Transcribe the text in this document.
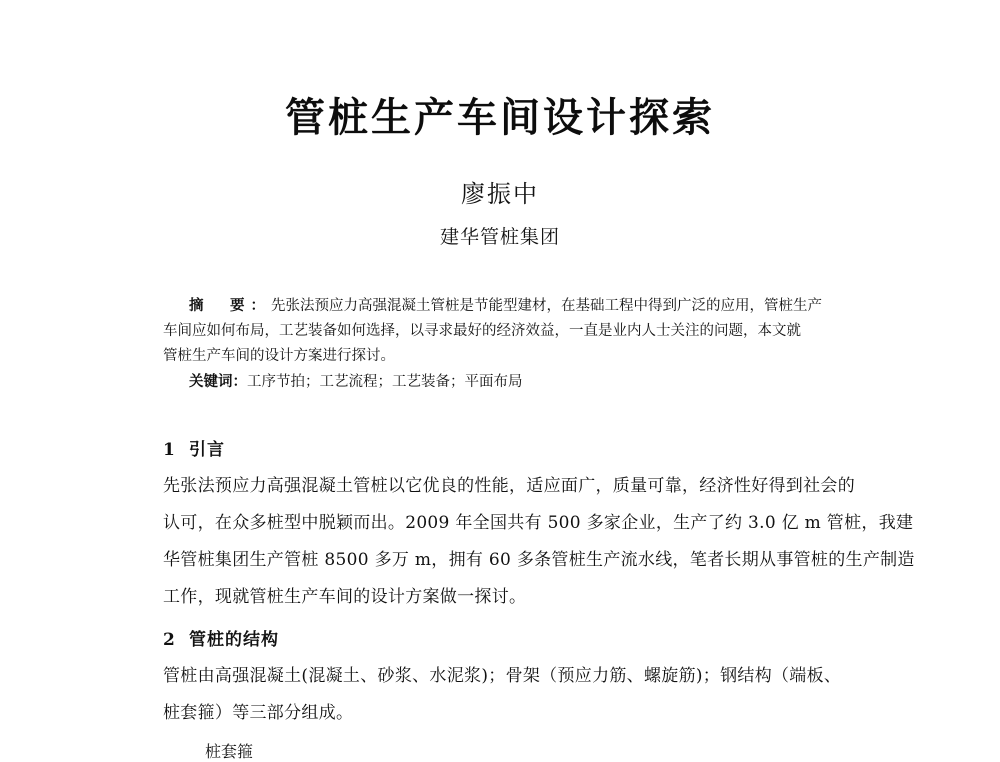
管桩生产车间设计探索
廖振中
建华管桩集团
摘　要：先张法预应力高强混凝土管桩是节能型建材，在基础工程中得到广泛的应用，管桩生产
车间应如何布局，工艺装备如何选择，以寻求最好的经济效益，一直是业内人士关注的问题，本文就
管桩生产车间的设计方案进行探讨。
关键词：工序节拍；工艺流程；工艺装备；平面布局
1 引言
先张法预应力高强混凝土管桩以它优良的性能，适应面广，质量可靠，经济性好得到社会的
认可，在众多桩型中脱颖而出。2009 年全国共有 500 多家企业，生产了约 3.0 亿 m 管桩，我建
华管桩集团生产管桩 8500 多万 m，拥有 60 多条管桩生产流水线，笔者长期从事管桩的生产制造
工作，现就管桩生产车间的设计方案做一探讨。
2 管桩的结构
管桩由高强混凝土(混凝土、砂浆、水泥浆)；骨架（预应力筋、螺旋筋)；钢结构（端板、
桩套箍）等三部分组成。
桩套箍
